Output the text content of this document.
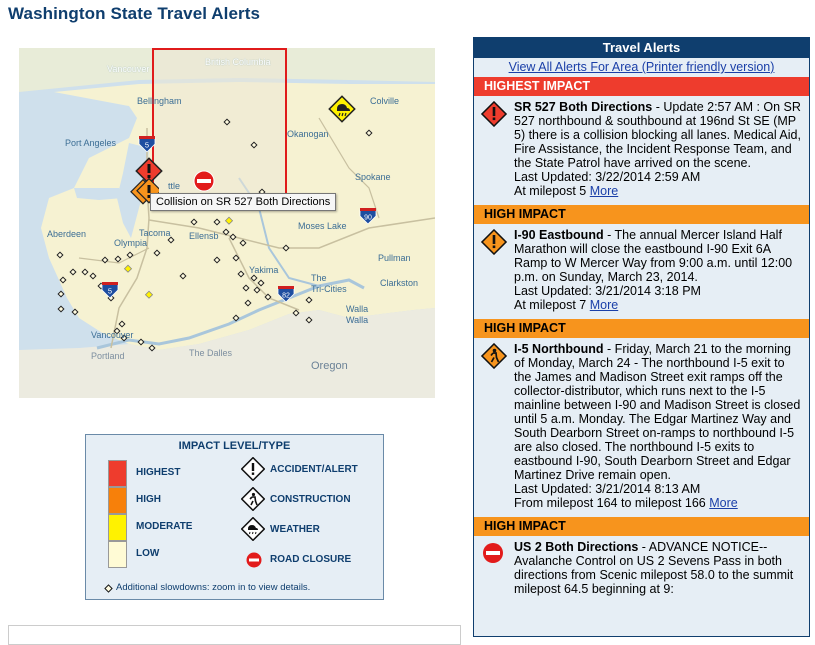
Washington State Travel Alerts
Vancouver
British Columbia
Bellingham	Colville
Port Angeles
Okanogan
ttle
Spokane
Aberdeen	Tacoma Ellensb
Moses Lake
Olympia
Pullman
Yakima
The
Tri-Cities
Clarkston
Walla
Walla
Vancouver
Portland	The Dalles
Oregon
5
5
90
82
Collision on SR 527 Both Directions
IMPACT LEVEL/TYPE
HIGHEST
HIGH
MODERATE
LOW
ACCIDENT/ALERT
CONSTRUCTION
WEATHER
ROAD CLOSURE
Additional slowdowns: zoom in to view details.
Travel Alerts
View All Alerts For Area (Printer friendly version)
HIGHEST IMPACT
SR 527 Both Directions - Update 2:57 AM : On SR 527 northbound & southbound at 196nd St SE (MP 5) there is a collision blocking all lanes. Medical Aid, Fire Assistance, the Incident Response Team, and the State Patrol have arrived on the scene.
Last Updated: 3/22/2014 2:59 AM
At milepost 5 More
HIGH IMPACT
I-90 Eastbound - The annual Mercer Island Half Marathon will close the eastbound I-90 Exit 6A Ramp to W Mercer Way from 9:00 a.m. until 12:00 p.m. on Sunday, March 23, 2014.
Last Updated: 3/21/2014 3:18 PM
At milepost 7 More
HIGH IMPACT
I-5 Northbound - Friday, March 21 to the morning of Monday, March 24 - The northbound I-5 exit to the James and Madison Street exit ramps off the collector-distributor, which runs next to the I-5 mainline between I-90 and Madison Street is closed until 5 a.m. Monday. The Edgar Martinez Way and South Dearborn Street on-ramps to northbound I-5 are also closed. The northbound I-5 exits to eastbound I-90, South Dearborn Street and Edgar Martinez Drive remain open.
Last Updated: 3/21/2014 8:13 AM
From milepost 164 to milepost 166 More
HIGH IMPACT
US 2 Both Directions - ADVANCE NOTICE-- Avalanche Control on US 2 Sevens Pass in both directions from Scenic milepost 58.0 to the summit milepost 64.5 beginning at 9:
